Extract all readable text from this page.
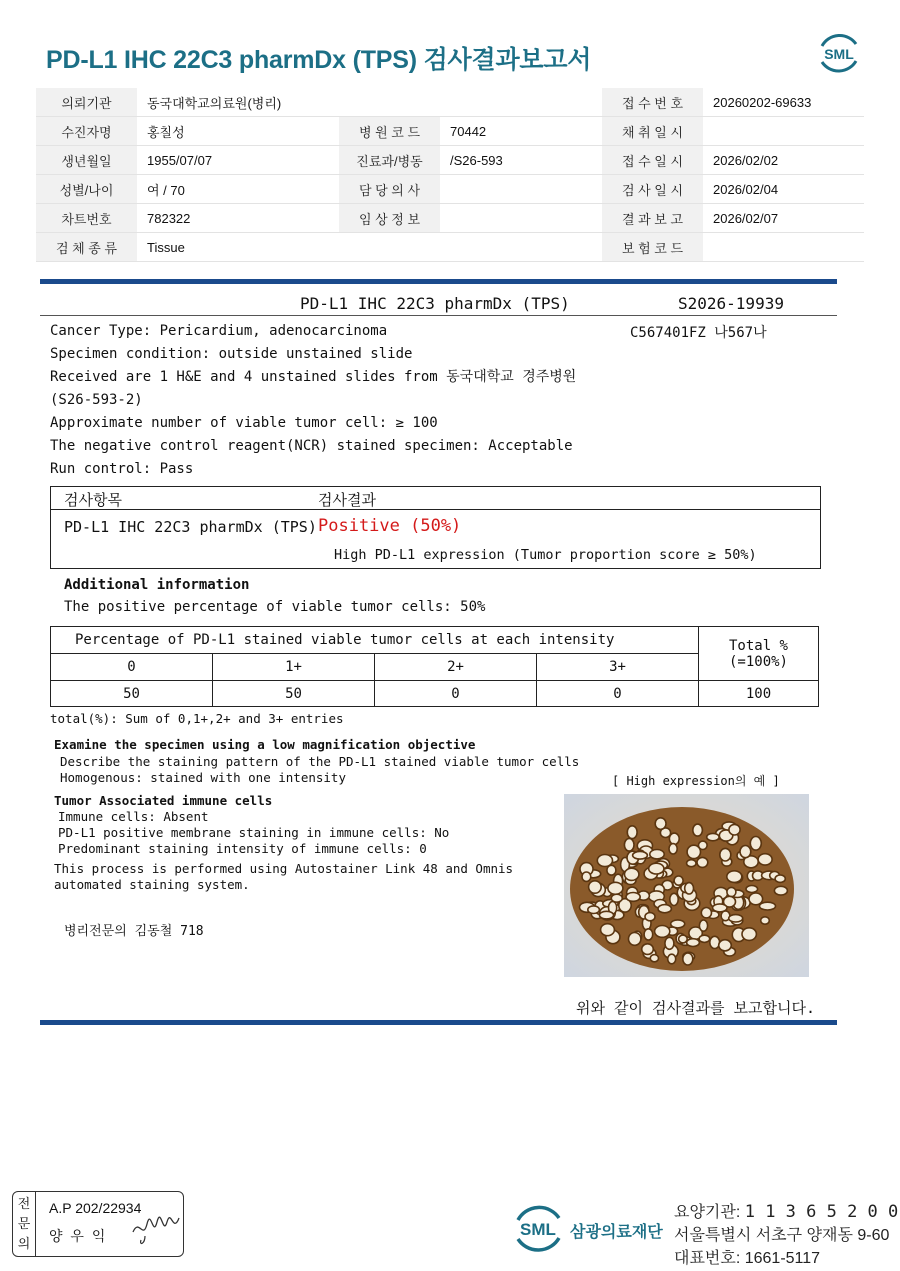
PD-L1 IHC 22C3 pharmDx (TPS) 검사결과보고서	SML
의뢰기관	동국대학교의료원(병리)			접 수 번 호	20260202-69633
수진자명	홍칠성	병 원 코 드	70442	채 취 일 시	
생년월일	1955/07/07	진료과/병동	/S26-593	접 수 일 시	2026/02/02
성별/나이	여 / 70	담 당 의 사		검 사 일 시	2026/02/04
차트번호	782322	임 상 정 보		결 과 보 고	2026/02/07
검 체 종 류	Tissue			보 험 코 드	
PD-L1 IHC 22C3 pharmDx (TPS)	S2026-19939
C567401FZ 나567나
Cancer Type: Pericardium, adenocarcinoma
Specimen condition: outside unstained slide
Received are 1 H&E and 4 unstained slides from 동국대학교 경주병원
(S26-593-2)
Approximate number of viable tumor cell: ≥ 100
The negative control reagent(NCR) stained specimen: Acceptable
Run control: Pass
검사항목	검사결과
PD-L1 IHC 22C3 pharmDx (TPS) Positive (50%)
High PD-L1 expression (Tumor proportion score ≥ 50%)
Additional information
The positive percentage of viable tumor cells: 50%
Percentage of PD-L1 stained viable tumor cells at each intensity				Total %
(=100%)

0	1+	2+	3+	
50	50	0	0	100
total(%): Sum of 0,1+,2+ and 3+ entries
Examine the specimen using a low magnification objective
Describe the staining pattern of the PD-L1 stained viable tumor cells
Homogenous: stained with one intensity	[ High expression의 예 ]
Tumor Associated immune cells
Immune cells: Absent
PD-L1 positive membrane staining in immune cells: No
Predominant staining intensity of immune cells: 0
This process is performed using Autostainer Link 48 and Omnis
automated staining system.
병리전문의 김동철 718
위와 같이 검사결과를 보고합니다.
전
문
의
A.P 202/22934
양 우 익	SML 삼광의료재단
요양기관: 1 1 3 6 5 2 0 0
서울특별시 서초구 양재동 9-60
대표번호: 1661-5117
